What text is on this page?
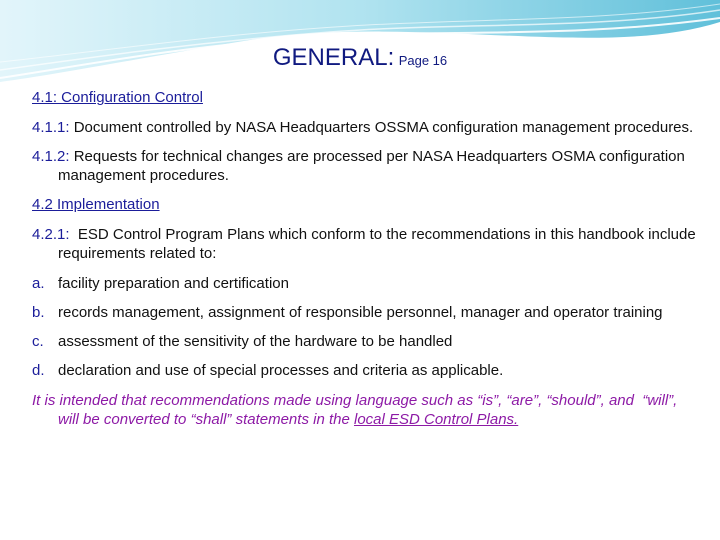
GENERAL: Page 16
4.1: Configuration Control
4.1.1: Document controlled by NASA Headquarters OSSMA configuration management procedures.
4.1.2: Requests for technical changes are processed per NASA Headquarters OSMA configuration management procedures.
4.2 Implementation
4.2.1:  ESD Control Program Plans which conform to the recommendations in this handbook include requirements related to:
a. facility preparation and certification
b. records management, assignment of responsible personnel, manager and operator training
c. assessment of the sensitivity of the hardware to be handled
d. declaration and use of special processes and criteria as applicable.
It is intended that recommendations made using language such as “is”, “are”, “should”, and  “will”, will be converted to “shall” statements in the local ESD Control Plans.
